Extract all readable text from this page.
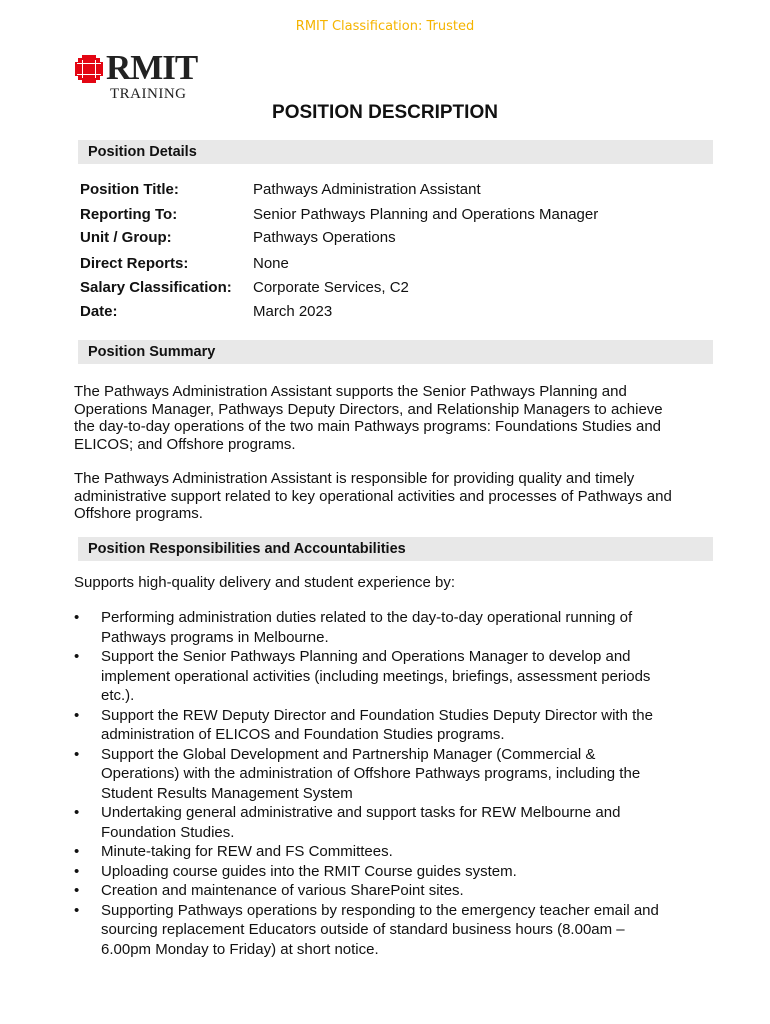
RMIT Classification: Trusted
RMIT
TRAINING
POSITION DESCRIPTION
Position Details
Position Title:	Pathways Administration Assistant
Reporting To:	Senior Pathways Planning and Operations Manager
Unit / Group:	Pathways Operations
Direct Reports:	None
Salary Classification: Corporate Services, C2
Date:	March 2023
Position Summary
The Pathways Administration Assistant supports the Senior Pathways Planning and
Operations Manager, Pathways Deputy Directors, and Relationship Managers to achieve
the day-to-day operations of the two main Pathways programs: Foundations Studies and
ELICOS; and Offshore programs.
The Pathways Administration Assistant is responsible for providing quality and timely
administrative support related to key operational activities and processes of Pathways and
Offshore programs.
Position Responsibilities and Accountabilities
Supports high-quality delivery and student experience by:
• Performing administration duties related to the day-to-day operational running of
Pathways programs in Melbourne.
• Support the Senior Pathways Planning and Operations Manager to develop and
implement operational activities (including meetings, briefings, assessment periods
etc.).
• Support the REW Deputy Director and Foundation Studies Deputy Director with the
administration of ELICOS and Foundation Studies programs.
• Support the Global Development and Partnership Manager (Commercial &
Operations) with the administration of Offshore Pathways programs, including the
Student Results Management System
• Undertaking general administrative and support tasks for REW Melbourne and
Foundation Studies.
• Minute-taking for REW and FS Committees.
• Uploading course guides into the RMIT Course guides system.
• Creation and maintenance of various SharePoint sites.
• Supporting Pathways operations by responding to the emergency teacher email and
sourcing replacement Educators outside of standard business hours (8.00am –
6.00pm Monday to Friday) at short notice.
